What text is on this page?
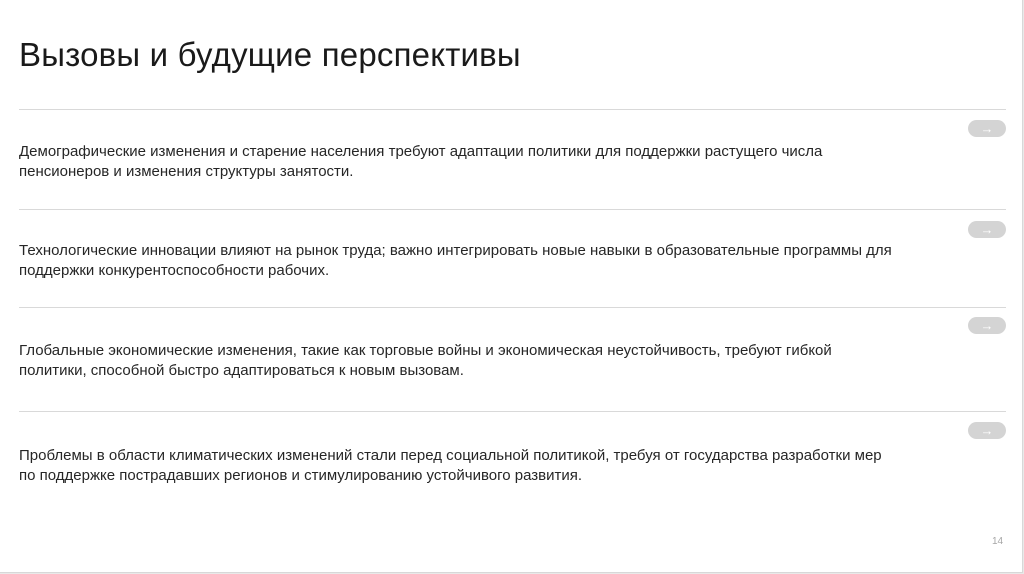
Вызовы и будущие перспективы
→

Демографические изменения и старение населения требуют адаптации политики для поддержки растущего числа пенсионеров и изменения структуры занятости.

→

Технологические инновации влияют на рынок труда; важно интегрировать новые навыки в образовательные программы для поддержки конкурентоспособности рабочих.

→

Глобальные экономические изменения, такие как торговые войны и экономическая неустойчивость, требуют гибкой политики, способной быстро адаптироваться к новым вызовам.

→

Проблемы в области климатических изменений стали перед социальной политикой, требуя от государства разработки мер по поддержке пострадавших регионов и стимулированию устойчивого развития.

14
